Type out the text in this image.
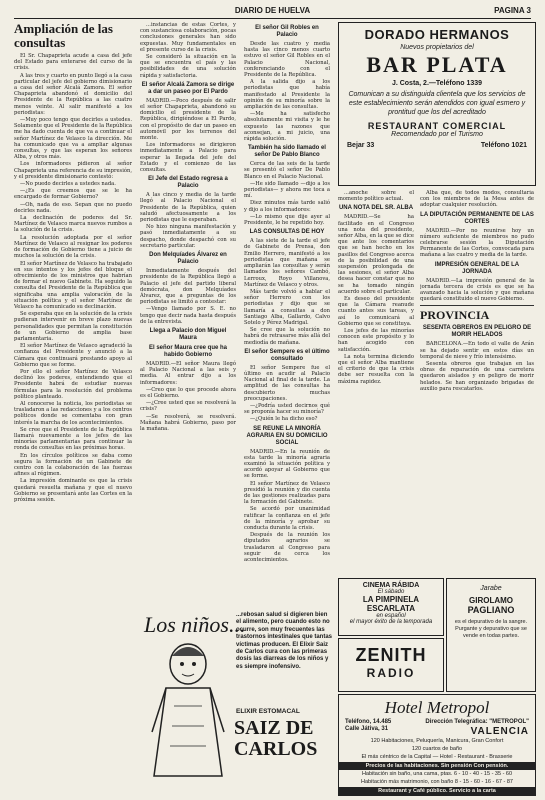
DIARIO DE HUELVA	PAGINA 3
Ampliación de las consultas

El Sr. Chapaprieta acude a casa del jefe del Estado para enterarse del curso de la crisis.

A las tres y cuarto en punto llegó a la casa particular del jefe del gobierno dimisionario a casa del señor Alcalá Zamora. El señor Chapaprieta abandonó el domicilio del Presidente de la República a las cuatro menos veinte. Al salir manifestó a los periodistas:

—Muy poco tengo que decirles a ustedes. Solamente que el Presidente de la República me ha dado cuenta de que va a continuar el señor Martínez de Velasco la dirección. Me ha comunicado que va a ampliar algunas consultas, y que las esperan los señores Alba, y otros más.

Los informadores pidieron al señor Chapaprieta una referencia de su impresión, y el presidente dimisionario contestó:

—No puedo decirles a ustedes nada.

—¿Es que creemos que se le ha encargado de formar Gobierno?

—Oh, nada de eso. Sepan que no puedo decirles nada.

La declinación de poderes del Sr. Martínez de Velasco marca nuevos rumbos a la solución de la crisis.

La resolución adoptada por el señor Martínez de Velasco al resignar los poderes de formación de Gobierno tiene a juicio de muchos la solución de la crisis.

El señor Martínez de Velasco ha trabajado en sus intentos y los jefes del bloque el ofrecimiento de los ministros que habrían de formar el nuevo Gabinete. Ha seguido la consulta del Presidente de la República que significaba una amplia valoración de la situación política y el señor Martínez de Velasco ha comunicado su declinación.

Se esperaba que en la solución de la crisis pudieran intervenir en breve plazo nuevas personalidades que permitan la constitución de un Gobierno de amplia base parlamentaria.

El señor Martínez de Velasco agradeció la confianza del Presidente y anunció a la Cámara que continuará prestando apoyo al Gobierno que se forme.

Por ello el señor Martínez de Velasco declinó los poderes, entendiendo que el Presidente habrá de estudiar nuevas fórmulas para la resolución del problema político planteado.

Al conocerse la noticia, los periodistas se trasladaron a las redacciones y a los centros políticos donde se comentaba con gran interés la marcha de los acontecimientos.

Se cree que el Presidente de la República llamará nuevamente a los jefes de las minorías parlamentarias para continuar la ronda de consultas en las próximas horas.

En los círculos políticos se daba como segura la formación de un Gabinete de centro con la colaboración de las fuerzas afines al régimen.

La impresión dominante es que la crisis quedará resuelta mañana y que el nuevo Gobierno se presentará ante las Cortes en la próxima sesión.

...instancias de estas Cortes, y con sustanciosa colaboración, pocas conclusiones generales han sido expuestas. Muy fundamentales en el presente curso de la crisis.

Se consideró la situación en la que se encuentra el país y las posibilidades de una solución rápida y satisfactoria.

El señor Alcalá Zamora se dirige a dar un paseo por El Pardo

MADRID.—Poco después de salir el señor Chapaprieta, abandonó su domicilio el presidente de la República, dirigiéndose a El Pardo, con el propósito de dar un paseo en automóvil por los terrenos del monte.

Los informadores se dirigieron inmediatamente a Palacio para esperar la llegada del jefe del Estado y el comienzo de las consultas.

El Jefe del Estado regresa a Palacio

A las cinco y media de la tarde llegó al Palacio Nacional el Presidente de la República, quien saludó afectuosamente a los periodistas que le esperaban.

No hizo ninguna manifestación y pasó inmediatamente a su despacho, donde despachó con su secretario particular.

Don Melquíades Álvarez en Palacio

Inmediatamente después del presidente de la República llegó a Palacio el jefe del partido liberal demócrata, don Melquíades Álvarez, que a preguntas de los periodistas se limitó a contestar:

—Vengo llamado por S. E. no tengo que decir nada hasta después de la entrevista.

Llega a Palacio don Miguel Maura
El señor Maura cree que ha habido Gobierno

MADRID.—El señor Maura llegó al Palacio Nacional a las seis y media. Al entrar dijo a los informadores:

—Creo que lo que procede ahora es el Gobierno.

—¿Cree usted que se resolverá la crisis?

—Se resolverá, se resolverá. Mañana habrá Gobierno, paso por la mañana.

El señor Gil Robles en Palacio

Desde las cuatro y media hasta las cinco menos cuarto estuvo el señor Gil Robles en el Palacio Nacional, conferenciando con el Presidente de la República.

A la salida dijo a los periodistas que había manifestado al Presidente la opinión de su minoría sobre la ampliación de las consultas.

—Me ha satisfecho absolutamente mi visita y le he expuesto las razones que aconsejan, a mi juicio, una rápida solución.

También ha sido llamado el señor De Pablo Blanco

Cerca de las seis de la tarde se presentó el señor De Pablo Blanco en el Palacio Nacional.

—He sido llamado —dijo a los periodistas— y ahora me toca a mí.

Diez minutos más tarde salió y dijo a los informadores:

—Lo mismo que dije ayer al Presidente, le he repetido hoy.

LAS CONSULTAS DE HOY

A las siete de la tarde el jefe de Gabinete de Prensa, don Emilio Herrero, manifestó a los periodistas que mañana se ampliarán las consultas y serán llamados los señores Cambó, Lerroux, Royo Villanova, Martínez de Velasco y otros.

Más tarde volvió a hablar el señor Herrero con los periodistas y dijo que se llamaría a consultas a don Santiago Alba, Gallardo, Calvo Sotelo y Pérez Madrigal.

Se cree que la solución no habrá de retrasarse más allá del mediodía de mañana.

El señor Sempere es el último consultado

El señor Sempere fue el último en acudir al Palacio Nacional al final de la tarde. La amplitud de las consultas ha descubierto muchas preocupaciones.

—¿Podría usted decirnos qué se proponía hacer su minoría?

—¿Quién le ha dicho eso?

SE REUNE LA MINORÍA AGRARIA EN SU DOMICILIO SOCIAL

MADRID.—En la reunión de esta tarde la minoría agraria examinó la situación política y acordó apoyar al Gobierno que se forme.

El señor Martínez de Velasco presidió la reunión y dio cuenta de las gestiones realizadas para la formación del Gabinete.

Se acordó por unanimidad ratificar la confianza en el jefe de la minoría y aprobar su conducta durante la crisis.

Después de la reunión los diputados agrarios se trasladaron al Congreso para seguir de cerca los acontecimientos.

...anoche sobre el momento político actual.

UNA NOTA DEL SR. ALBA

MADRID.—Se ha facilitado en el Congreso una nota del presidente, señor Alba, en la que se dice que ante los comentarios que se han hecho en los pasillos del Congreso acerca de la posibilidad de una suspensión prolongada de las sesiones, el señor Alba desea hacer constar que no se ha tomado ningún acuerdo sobre el particular.

Es deseo del presidente que la Cámara reanude cuanto antes sus tareas, y así lo comunicará al Gobierno que se constituya.

Los jefes de las minorías conocen este propósito y lo han acogido con satisfacción.

La nota termina diciendo que el señor Alba mantiene el criterio de que la crisis debe ser resuelta con la máxima rapidez.

Alba que, de todos modos, consultaría con los miembros de la Mesa antes de adoptar cualquier resolución.

LA DIPUTACIÓN PERMANENTE DE LAS CORTES

MADRID.—Por no reunirse hoy un número suficiente de miembros no pudo celebrarse sesión la Diputación Permanente de las Cortes, convocada para mañana a las cuatro y media de la tarde.

IMPRESIÓN GENERAL DE LA JORNADA

MADRID.—La impresión general de la jornada tercera de crisis es que se ha avanzado hacia la solución y que mañana quedará constituido el nuevo Gobierno.

PROVINCIA
SESENTA OBREROS EN PELIGRO DE MORIR HELADOS

BARCELONA.—En todo el valle de Arán se ha dejado sentir en estos días un temporal de nieve y frío intensísimo.

Sesenta obreros que trabajan en las obras de reparación de una carretera quedaron aislados y en peligro de morir helados. Se han organizado brigadas de auxilio para rescatarlos.

DORADO HERMANOS
Nuevos propietarios del
BAR PLATA
J. Costa, 2.—Teléfono 1339
Comunican a su distinguida clientela que los servicios de este establecimiento serán atendidos con igual esmero y prontitud que los del acreditado
RESTAURANT COMERCIAL
Recomendado por el Turismo
Bejar 33	Teléfono 1021
Los niños...
...rebosan salud si digieren bien el alimento, pero cuando esto no ocurre, son muy frecuentes las trastornos intestinales que tantas víctimas producen. El Elixir Saiz de Carlos cura con las primeras dosis las diarreas de los niños y es siempre inofensivo.
SAIZ DE
CARLOS
ELIXIR ESTOMACAL
CINEMA RÁBIDA
El sábado
LA PIMPINELA ESCARLATA
en español
el mayor éxito de la temporada
ZENITH
RADIO
Jarabe
GIROLAMO
PAGLIANO
es el depurativo de la sangre. Purgante y depurativo que se vende en todas partes.
Hotel Metropol
Teléfono, 14.485	Dirección Telegráfica: "METROPOL"
Calle Játiva, 31	VALENCIA
120 Habitaciones, Peluquería, Manicura, Gran Confort
120 cuartos de baño
El más céntrico de la Capital — Hotel - Restaurant - Brasserie
Precios de las habitaciones. Sin pensión Con pensión.
Habitación sin baño, una cama, ptas. 6 - 10 - 40 - 15 - 35 - 60
Habitación más matrimonio, con baño 8 - 15 - 60 - 16 - 67 - 87
Restaurant y Café público. Servicio a la carta
